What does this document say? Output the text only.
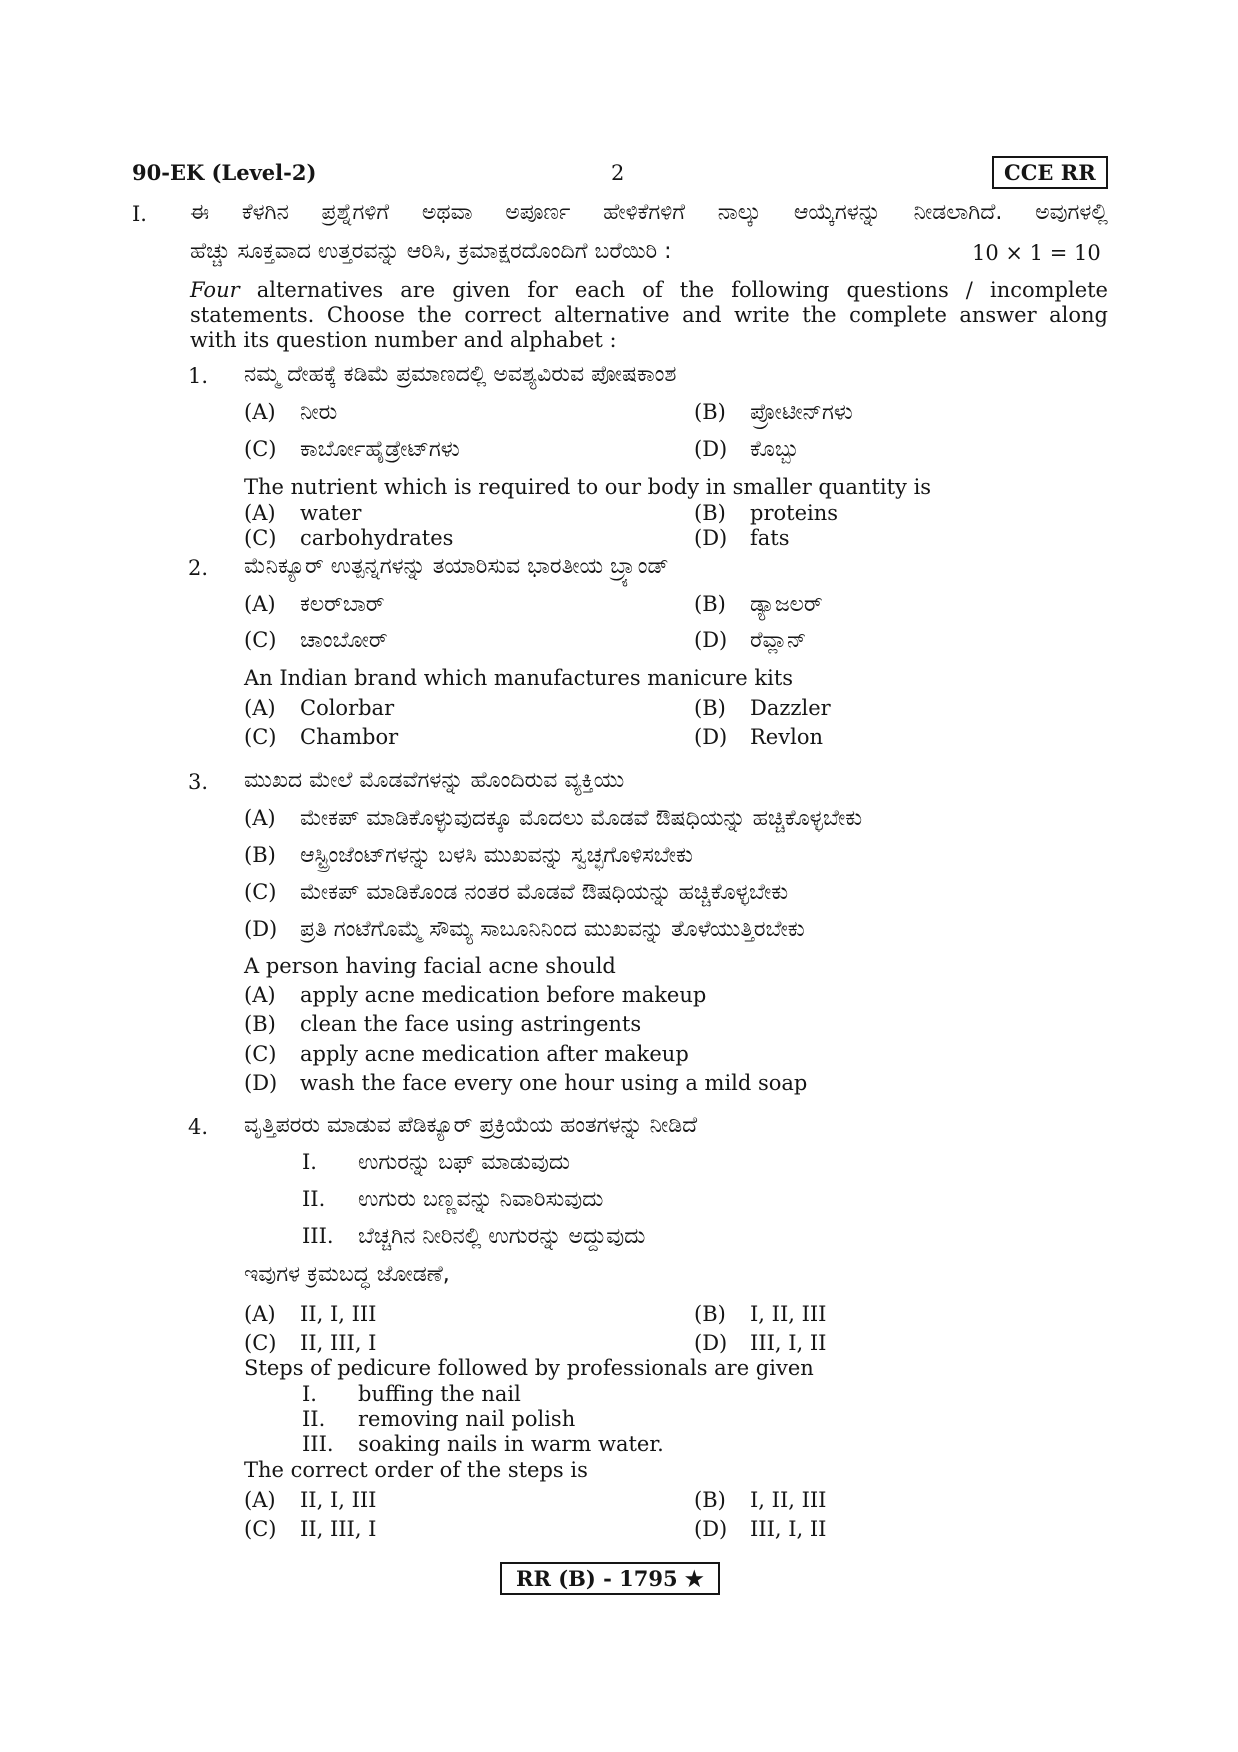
90-EK (Level-2)	2	CCE RR
I. ಈ ಕೆಳಗಿನ ಪ್ರಶ್ನೆಗಳಿಗೆ ಅಥವಾ ಅಪೂರ್ಣ ಹೇಳಿಕೆಗಳಿಗೆ ನಾಲ್ಕು ಆಯ್ಕೆಗಳನ್ನು ನೀಡಲಾಗಿದೆ. ಅವುಗಳಲ್ಲಿ
ಹೆಚ್ಚು ಸೂಕ್ತವಾದ ಉತ್ತರವನ್ನು ಆರಿಸಿ, ಕ್ರಮಾಕ್ಷರದೊಂದಿಗೆ ಬರೆಯಿರಿ :	10 × 1 = 10
Four alternatives are given for each of the following questions / incomplete
statements. Choose the correct alternative and write the complete answer along
with its question number and alphabet :
1. ನಮ್ಮ ದೇಹಕ್ಕೆ ಕಡಿಮೆ ಪ್ರಮಾಣದಲ್ಲಿ ಅವಶ್ಯವಿರುವ ಪೋಷಕಾಂಶ
(A) ನೀರು	(B) ಪ್ರೋಟೀನ್‌ಗಳು
(C) ಕಾರ್ಬೋಹೈಡ್ರೇಟ್‌ಗಳು	(D) ಕೊಬ್ಬು
The nutrient which is required to our body in smaller quantity is
(A) water	(B) proteins
(C) carbohydrates	(D) fats
2. ಮೆನಿಕ್ಯೂರ್ ಉತ್ಪನ್ನಗಳನ್ನು ತಯಾರಿಸುವ ಭಾರತೀಯ ಬ್ರ್ಯಾಂಡ್
(A) ಕಲರ್‌ಬಾರ್	(B) ಡ್ಯಾಜಲರ್
(C) ಚಾಂಬೋರ್	(D) ರೆವ್ಲಾನ್
An Indian brand which manufactures manicure kits
(A) Colorbar	(B) Dazzler
(C) Chambor	(D) Revlon
3. ಮುಖದ ಮೇಲೆ ಮೊಡವೆಗಳನ್ನು ಹೊಂದಿರುವ ವ್ಯಕ್ತಿಯು
(A) ಮೇಕಪ್ ಮಾಡಿಕೊಳ್ಳುವುದಕ್ಕೂ ಮೊದಲು ಮೊಡವೆ ಔಷಧಿಯನ್ನು ಹಚ್ಚಿಕೊಳ್ಳಬೇಕು
(B) ಆಸ್ಟ್ರಿಂಜೆಂಟ್‌ಗಳನ್ನು ಬಳಸಿ ಮುಖವನ್ನು ಸ್ವಚ್ಛಗೊಳಿಸಬೇಕು
(C) ಮೇಕಪ್ ಮಾಡಿಕೊಂಡ ನಂತರ ಮೊಡವೆ ಔಷಧಿಯನ್ನು ಹಚ್ಚಿಕೊಳ್ಳಬೇಕು
(D) ಪ್ರತಿ ಗಂಟೆಗೊಮ್ಮೆ ಸೌಮ್ಯ ಸಾಬೂನಿನಿಂದ ಮುಖವನ್ನು ತೊಳೆಯುತ್ತಿರಬೇಕು
A person having facial acne should
(A) apply acne medication before makeup
(B) clean the face using astringents
(C) apply acne medication after makeup
(D) wash the face every one hour using a mild soap
4. ವೃತ್ತಿಪರರು ಮಾಡುವ ಪೆಡಿಕ್ಯೂರ್ ಪ್ರಕ್ರಿಯೆಯ ಹಂತಗಳನ್ನು ನೀಡಿದೆ
I. ಉಗುರನ್ನು ಬಫ್ ಮಾಡುವುದು
II. ಉಗುರು ಬಣ್ಣವನ್ನು ನಿವಾರಿಸುವುದು
III. ಬೆಚ್ಚಗಿನ ನೀರಿನಲ್ಲಿ ಉಗುರನ್ನು ಅದ್ದುವುದು
ಇವುಗಳ ಕ್ರಮಬದ್ಧ ಜೋಡಣೆ,
(A) II, I, III	(B) I, II, III
(C) II, III, I	(D) III, I, II
Steps of pedicure followed by professionals are given
I. buffing the nail
II. removing nail polish
III. soaking nails in warm water.
The correct order of the steps is
(A) II, I, III	(B) I, II, III
(C) II, III, I	(D) III, I, II
RR (B) - 1795 ★
